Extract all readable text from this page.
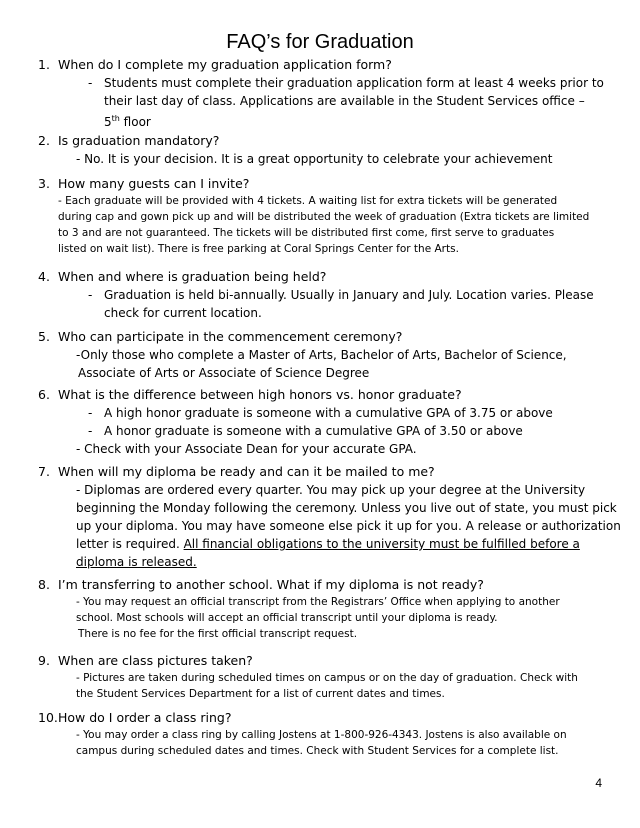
FAQ’s for Graduation
1. When do I complete my graduation application form?
- Students must complete their graduation application form at least 4 weeks prior to
their last day of class. Applications are available in the Student Services office –
5th floor
2. Is graduation mandatory?
- No. It is your decision. It is a great opportunity to celebrate your achievement
3. How many guests can I invite?
- Each graduate will be provided with 4 tickets. A waiting list for extra tickets will be generated
during cap and gown pick up and will be distributed the week of graduation (Extra tickets are limited
to 3 and are not guaranteed. The tickets will be distributed first come, first serve to graduates
listed on wait list). There is free parking at Coral Springs Center for the Arts.
4. When and where is graduation being held?
- Graduation is held bi-annually. Usually in January and July. Location varies. Please
check for current location.
5. Who can participate in the commencement ceremony?
-Only those who complete a Master of Arts, Bachelor of Arts, Bachelor of Science,
Associate of Arts or Associate of Science Degree
6. What is the difference between high honors vs. honor graduate?
- A high honor graduate is someone with a cumulative GPA of 3.75 or above
- A honor graduate is someone with a cumulative GPA of 3.50 or above
- Check with your Associate Dean for your accurate GPA.
7. When will my diploma be ready and can it be mailed to me?
- Diplomas are ordered every quarter. You may pick up your degree at the University
beginning the Monday following the ceremony. Unless you live out of state, you must pick
up your diploma. You may have someone else pick it up for you. A release or authorization
letter is required. All financial obligations to the university must be fulfilled before a
diploma is released.
8. I’m transferring to another school. What if my diploma is not ready?
- You may request an official transcript from the Registrars’ Office when applying to another
school. Most schools will accept an official transcript until your diploma is ready.
There is no fee for the first official transcript request.
9. When are class pictures taken?
- Pictures are taken during scheduled times on campus or on the day of graduation. Check with
the Student Services Department for a list of current dates and times.
10. How do I order a class ring?
- You may order a class ring by calling Jostens at 1-800-926-4343. Jostens is also available on
campus during scheduled dates and times. Check with Student Services for a complete list.
4
